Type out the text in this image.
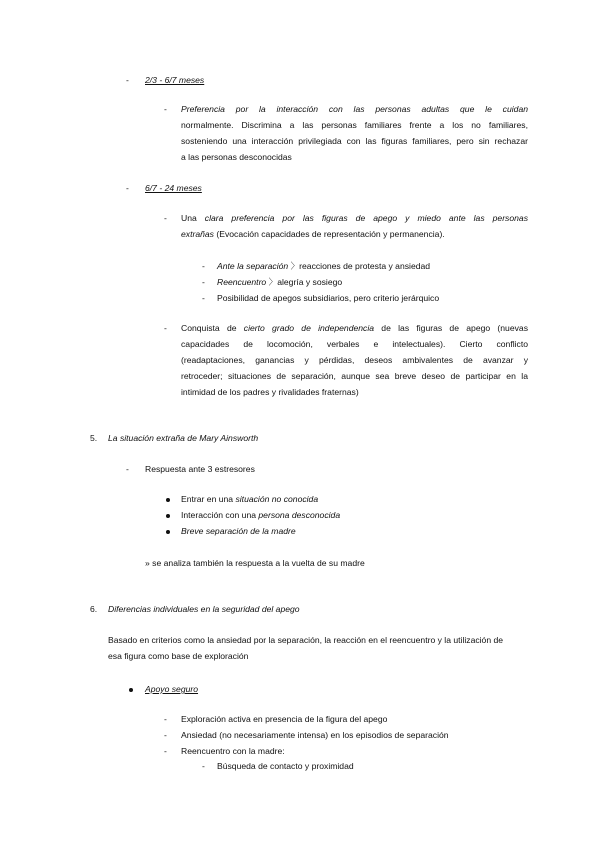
- 2/3 - 6/7 meses
- Preferencia por la interacción con las personas adultas que le cuidan
normalmente. Discrimina a las personas familiares frente a los no familiares,
sosteniendo una interacción privilegiada con las figuras familiares, pero sin rechazar
a las personas desconocidas
- 6/7 - 24 meses
- Una clara preferencia por las figuras de apego y miedo ante las personas
extrañas (Evocación capacidades de representación y permanencia).
- Ante la separación 〉reacciones de protesta y ansiedad
- Reencuentro 〉alegría y sosiego
- Posibilidad de apegos subsidiarios, pero criterio jerárquico
- Conquista de cierto grado de independencia de las figuras de apego (nuevas
capacidades de locomoción, verbales e intelectuales). Cierto conflicto
(readaptaciones, ganancias y pérdidas, deseos ambivalentes de avanzar y
retroceder; situaciones de separación, aunque sea breve deseo de participar en la
intimidad de los padres y rivalidades fraternas)
5. La situación extraña de Mary Ainsworth
- Respuesta ante 3 estresores
Entrar en una situación no conocida
Interacción con una persona desconocida
Breve separación de la madre
» se analiza también la respuesta a la vuelta de su madre
6. Diferencias individuales en la seguridad del apego
Basado en criterios como la ansiedad por la separación, la reacción en el reencuentro y la utilización de
esa figura como base de exploración
Apoyo seguro
- Exploración activa en presencia de la figura del apego
- Ansiedad (no necesariamente intensa) en los episodios de separación
- Reencuentro con la madre:
- Búsqueda de contacto y proximidad
